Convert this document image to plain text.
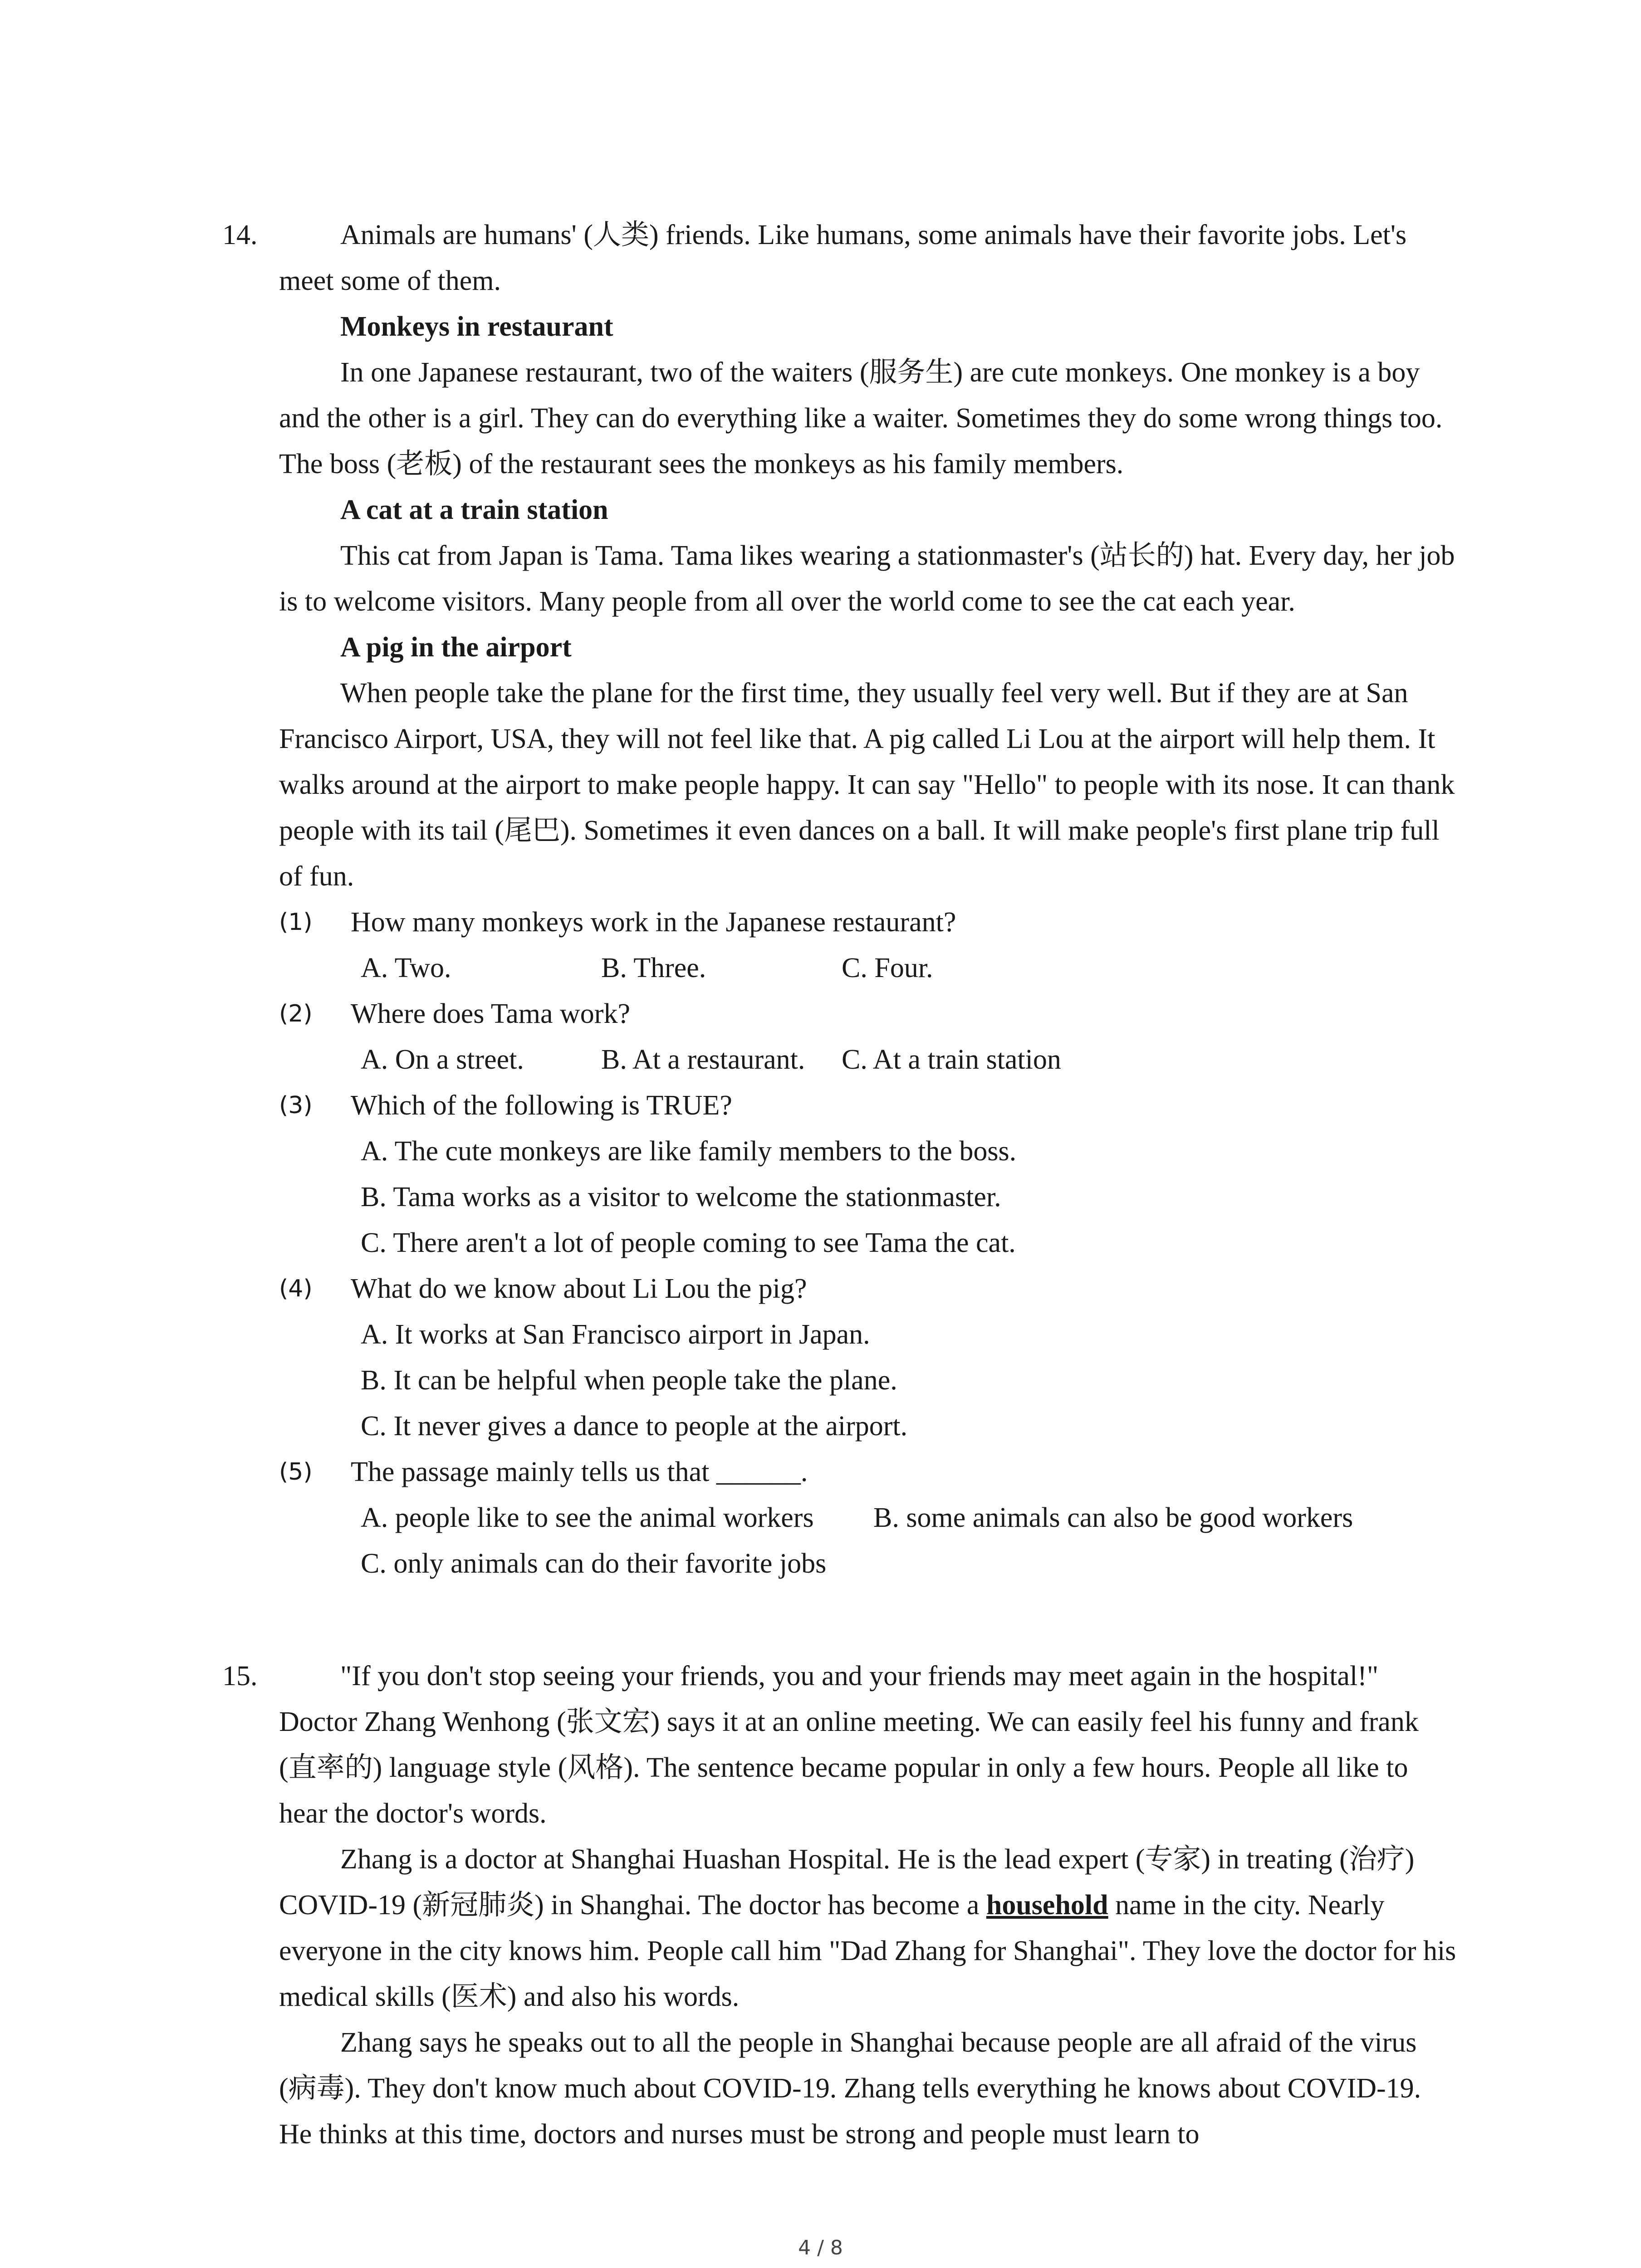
14.	Animals are humans' (人类) friends. Like humans, some animals have their favorite jobs. Let's meet some of them.

Monkeys in restaurant

In one Japanese restaurant, two of the waiters (服务生) are cute monkeys. One monkey is a boy and the other is a girl. They can do everything like a waiter. Sometimes they do some wrong things too. The boss (老板) of the restaurant sees the monkeys as his family members.

A cat at a train station

This cat from Japan is Tama. Tama likes wearing a stationmaster's (站长的) hat. Every day, her job is to welcome visitors. Many people from all over the world come to see the cat each year.

A pig in the airport

When people take the plane for the first time, they usually feel very well. But if they are at San Francisco Airport, USA, they will not feel like that. A pig called Li Lou at the airport will help them. It walks around at the airport to make people happy. It can say "Hello" to people with its nose. It can thank people with its tail (尾巴). Sometimes it even dances on a ball. It will make people's first plane trip full of fun.

(1) How many monkeys work in the Japanese restaurant?
A. Two.	B. Three.	C. Four.
(2) Where does Tama work?
A. On a street.	B. At a restaurant.	C. At a train station
(3) Which of the following is TRUE?

A. The cute monkeys are like family members to the boss.

B. Tama works as a visitor to welcome the stationmaster.

C. There aren't a lot of people coming to see Tama the cat.

(4) What do we know about Li Lou the pig?

A. It works at San Francisco airport in Japan.

B. It can be helpful when people take the plane.

C. It never gives a dance to people at the airport.

(5) The passage mainly tells us that ______.
A. people like to see the animal workers	B. some animals can also be good workers

C. only animals can do their favorite jobs

15.	"If you don't stop seeing your friends, you and your friends may meet again in the hospital!" Doctor Zhang Wenhong (张文宏) says it at an online meeting. We can easily feel his funny and frank (直率的) language style (风格). The sentence became popular in only a few hours. People all like to hear the doctor's words.

Zhang is a doctor at Shanghai Huashan Hospital. He is the lead expert (专家) in treating (治疗) COVID-19 (新冠肺炎) in Shanghai. The doctor has become a household name in the city. Nearly everyone in the city knows him. People call him "Dad Zhang for Shanghai". They love the doctor for his medical skills (医术) and also his words.

Zhang says he speaks out to all the people in Shanghai because people are all afraid of the virus (病毒). They don't know much about COVID-19. Zhang tells everything he knows about COVID-19. He thinks at this time, doctors and nurses must be strong and people must learn to

4 / 8
